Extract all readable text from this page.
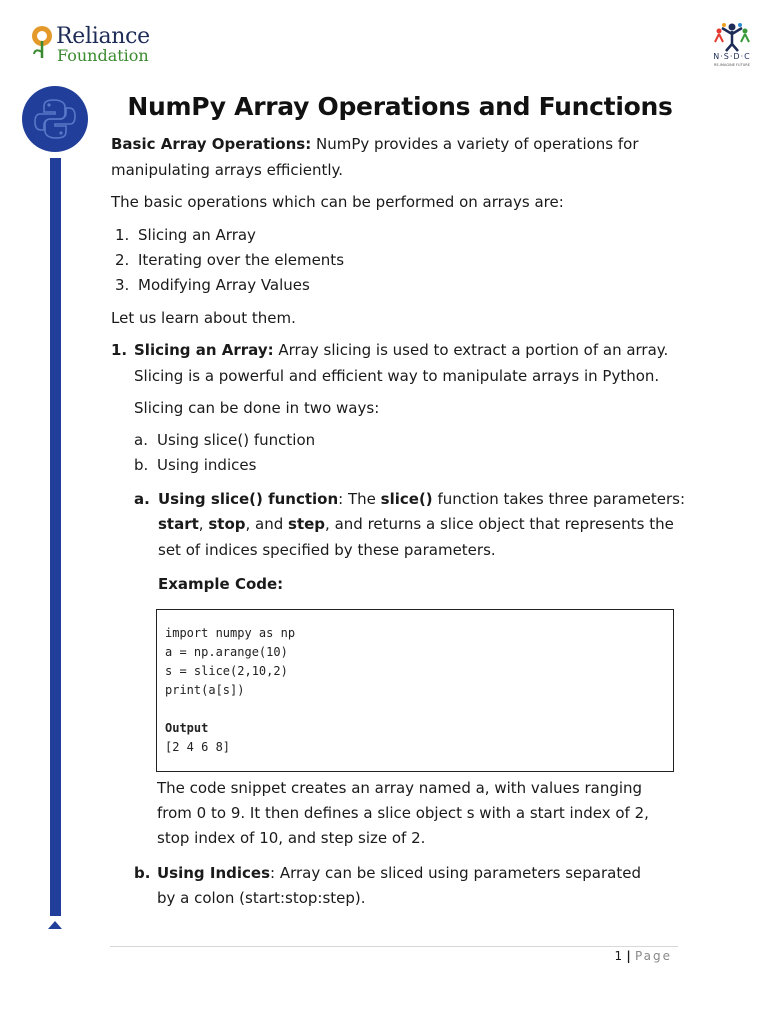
Reliance
Foundation	N·S·D·C
RE-IMAGINE FUTURE
NumPy Array Operations and Functions
Basic Array Operations: NumPy provides a variety of operations for
manipulating arrays efficiently.
The basic operations which can be performed on arrays are:
1. Slicing an Array
2. Iterating over the elements
3. Modifying Array Values
Let us learn about them.
1. Slicing an Array: Array slicing is used to extract a portion of an array.
Slicing is a powerful and efficient way to manipulate arrays in Python.
Slicing can be done in two ways:
a. Using slice() function
b. Using indices
a. Using slice() function: The slice() function takes three parameters:
start, stop, and step, and returns a slice object that represents the
set of indices specified by these parameters.
Example Code:
import numpy as np
a = np.arange(10)
s = slice(2,10,2)
print(a[s])
Output
[2 4 6 8]
The code snippet creates an array named a, with values ranging
from 0 to 9. It then defines a slice object s with a start index of 2,
stop index of 10, and step size of 2.
b. Using Indices: Array can be sliced using parameters separated
by a colon (start:stop:step).
1 | Page
